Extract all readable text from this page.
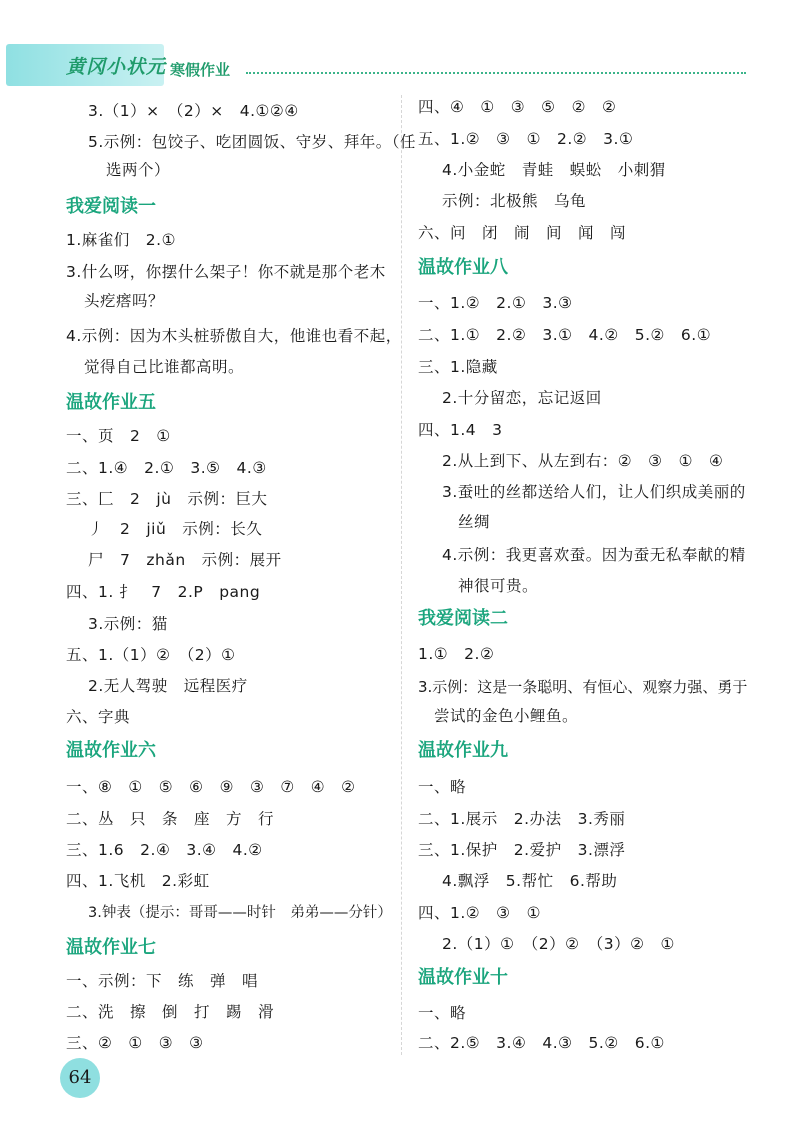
黄冈小状元 寒假作业
3.（1）×　（2）×　4.①②④
5.示例：包饺子、吃团圆饭、守岁、拜年。（任
选两个）
我爱阅读一
1.麻雀们　2.①
3.什么呀，你摆什么架子！你不就是那个老木
头疙瘩吗？
4.示例：因为木头桩骄傲自大，他谁也看不起，
觉得自己比谁都高明。
温故作业五
一、页　2　①
二、1.④　2.①　3.⑤　4.③
三、匚　2　jù　示例：巨大
丿　2　jiǔ　示例：长久
尸　7　zhǎn　示例：展开
四、1. 扌　7　2.P　pang
3.示例：猫
五、1.（1）②　（2）①
2.无人驾驶　远程医疗
六、字典
温故作业六
一、⑧　①　⑤　⑥　⑨　③　⑦　④　②
二、丛　只　条　座　方　行
三、1.6　2.④　3.④　4.②
四、1.飞机　2.彩虹
3.钟表（提示：哥哥——时针　弟弟——分针）
温故作业七
一、示例：下　练　弹　唱
二、洗　擦　倒　打　踢　滑
三、②　①　③　③
四、④　①　③　⑤　②　②
五、1.②　③　①　2.②　3.①
4.小金蛇　青蛙　蜈蚣　小刺猬
示例：北极熊　乌龟
六、问　闭　闹　间　闻　闯
温故作业八
一、1.②　2.①　3.③
二、1.①　2.②　3.①　4.②　5.②　6.①
三、1.隐藏
2.十分留恋，忘记返回
四、1.4　3
2.从上到下、从左到右：②　③　①　④
3.蚕吐的丝都送给人们，让人们织成美丽的
丝绸
4.示例：我更喜欢蚕。因为蚕无私奉献的精
神很可贵。
我爱阅读二
1.①　2.②
3.示例：这是一条聪明、有恒心、观察力强、勇于
尝试的金色小鲤鱼。
温故作业九
一、略
二、1.展示　2.办法　3.秀丽
三、1.保护　2.爱护　3.漂浮
4.飘浮　5.帮忙　6.帮助
四、1.②　③　①
2.（1）①　（2）②　（3）②　①
温故作业十
一、略
二、2.⑤　3.④　4.③　5.②　6.①
64
